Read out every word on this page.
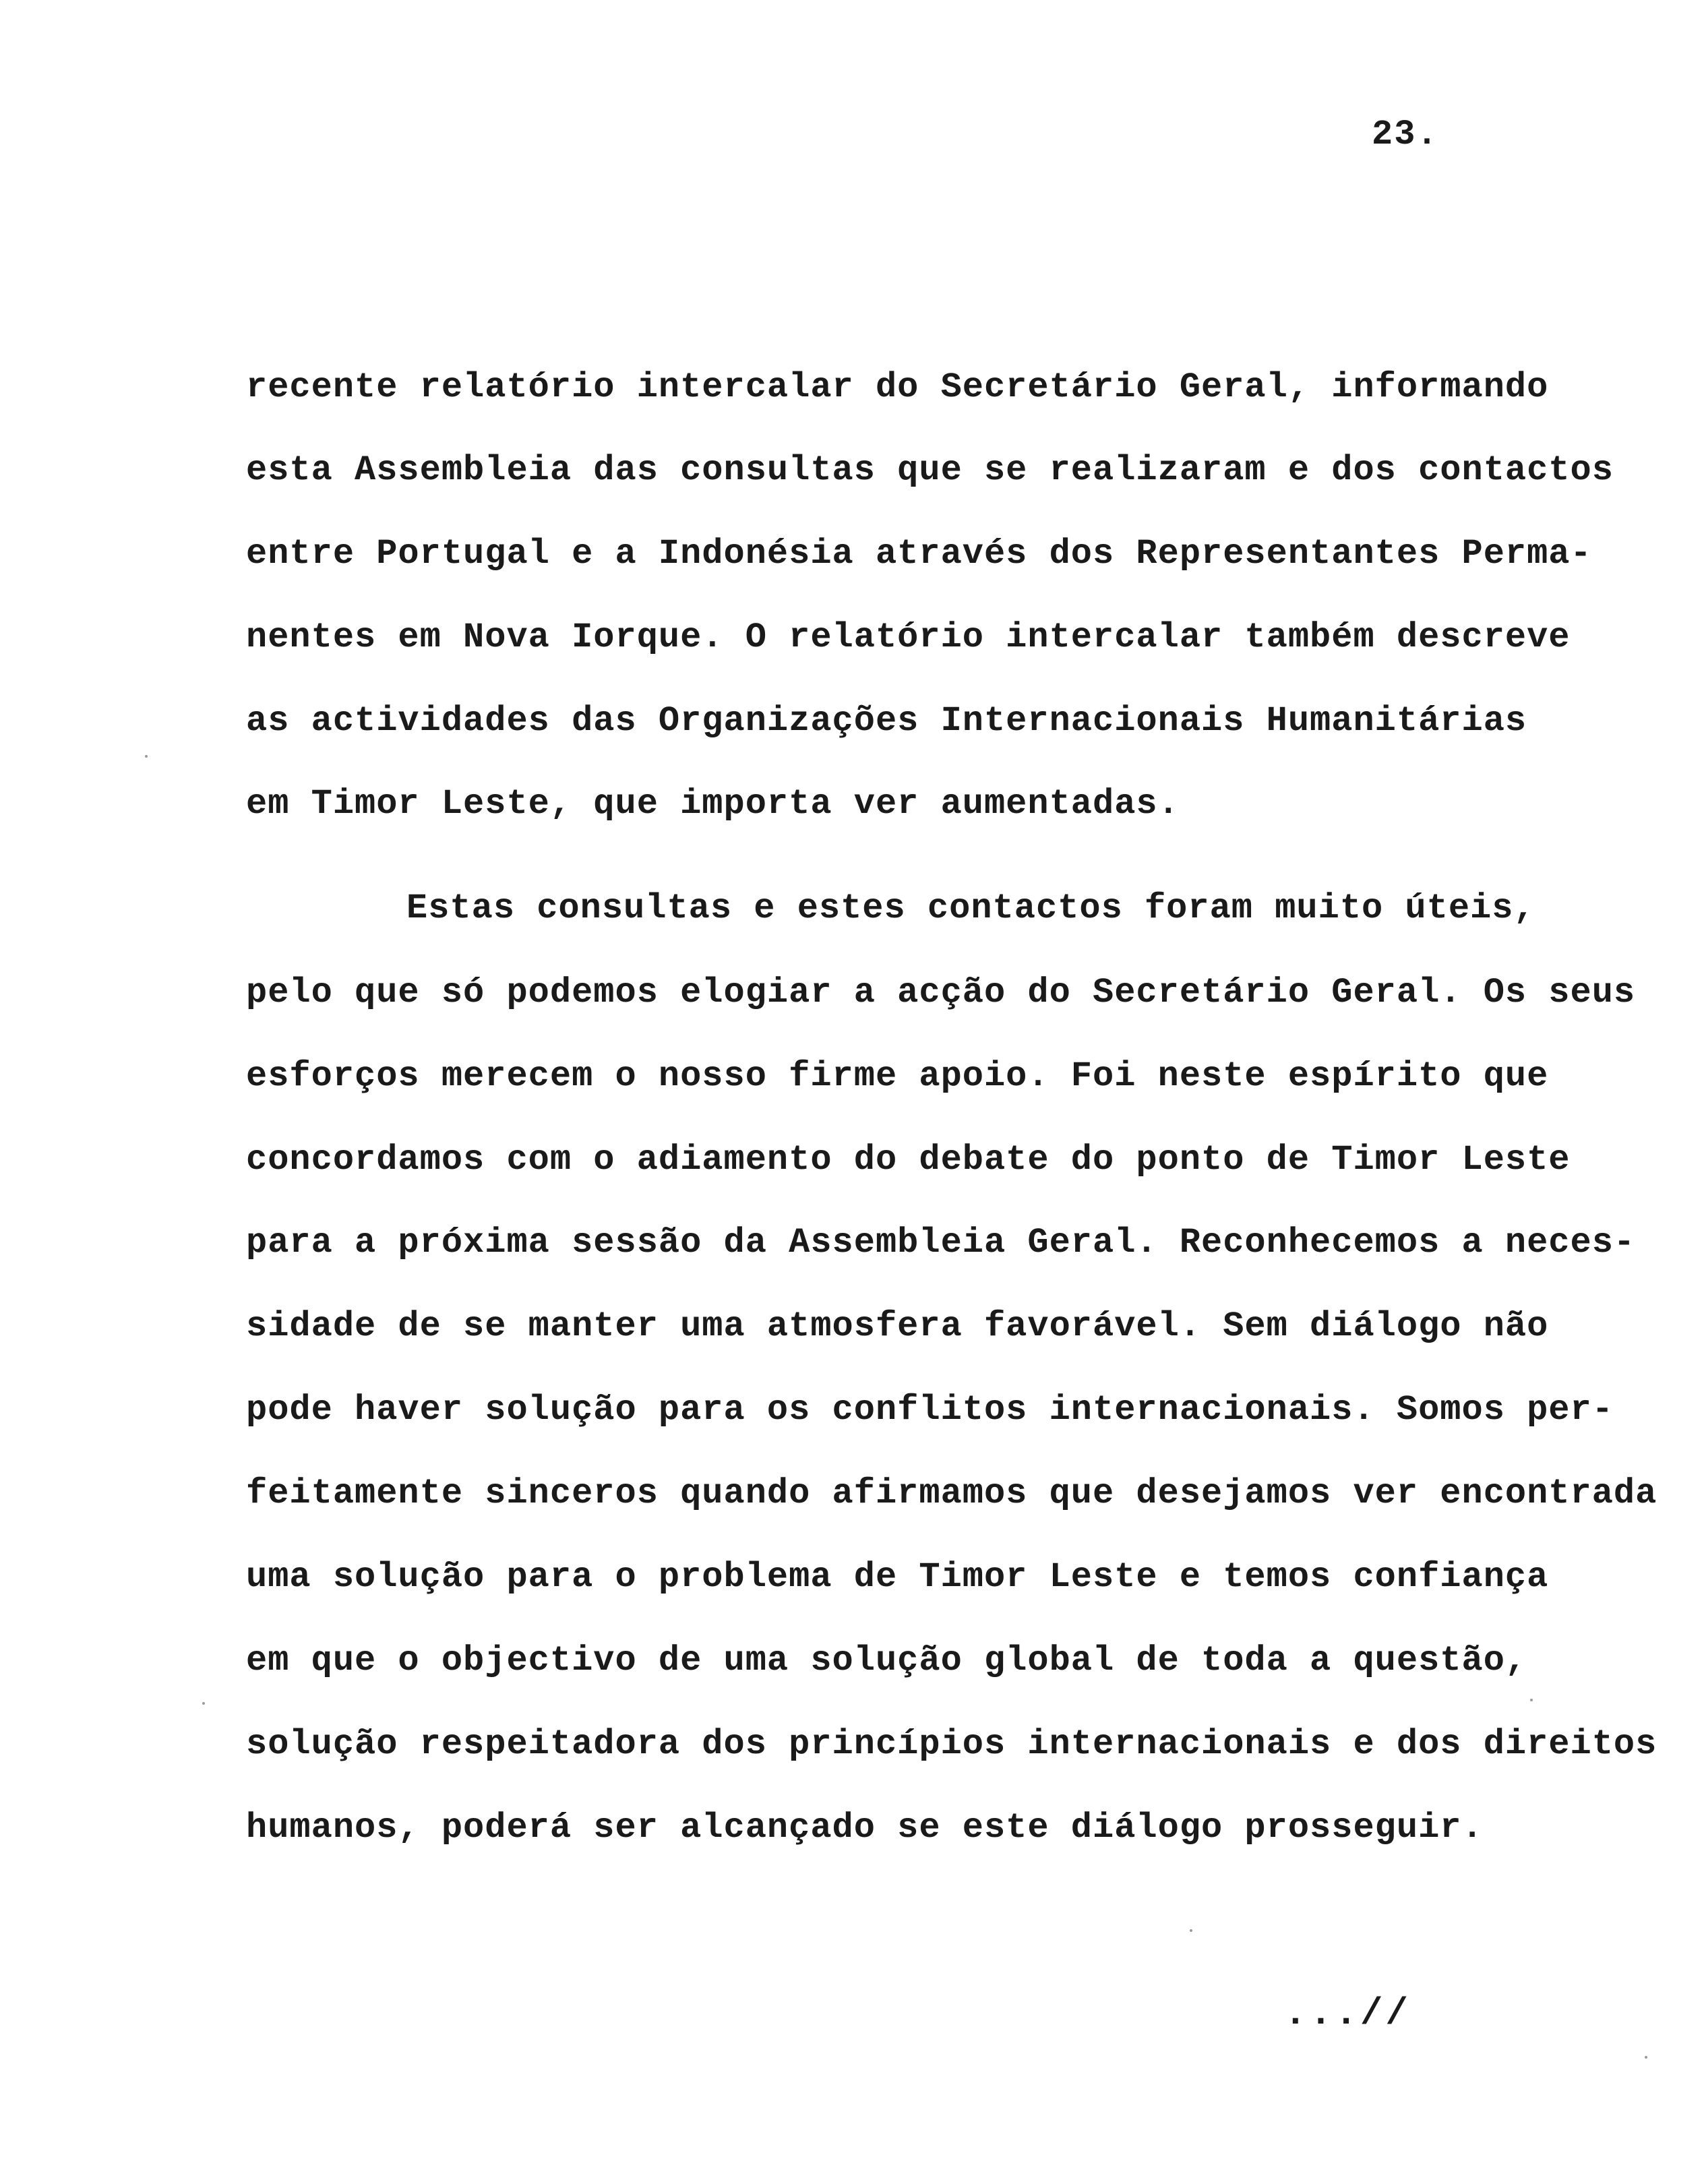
23.

recente relatório intercalar do Secretário Geral, informando

esta Assembleia das consultas que se realizaram e dos contactos

entre Portugal e a Indonésia através dos Representantes Perma-

nentes em Nova Iorque. O relatório intercalar também descreve

as actividades das Organizações Internacionais Humanitárias

em Timor Leste, que importa ver aumentadas.

Estas consultas e estes contactos foram muito úteis,

pelo que só podemos elogiar a acção do Secretário Geral. Os seus

esforços merecem o nosso firme apoio. Foi neste espírito que

concordamos com o adiamento do debate do ponto de Timor Leste

para a próxima sessão da Assembleia Geral. Reconhecemos a neces-

sidade de se manter uma atmosfera favorável. Sem diálogo não

pode haver solução para os conflitos internacionais. Somos per-

feitamente sinceros quando afirmamos que desejamos ver encontrada

uma solução para o problema de Timor Leste e temos confiança

em que o objectivo de uma solução global de toda a questão,

solução respeitadora dos princípios internacionais e dos direitos

humanos, poderá ser alcançado se este diálogo prosseguir.

...//
